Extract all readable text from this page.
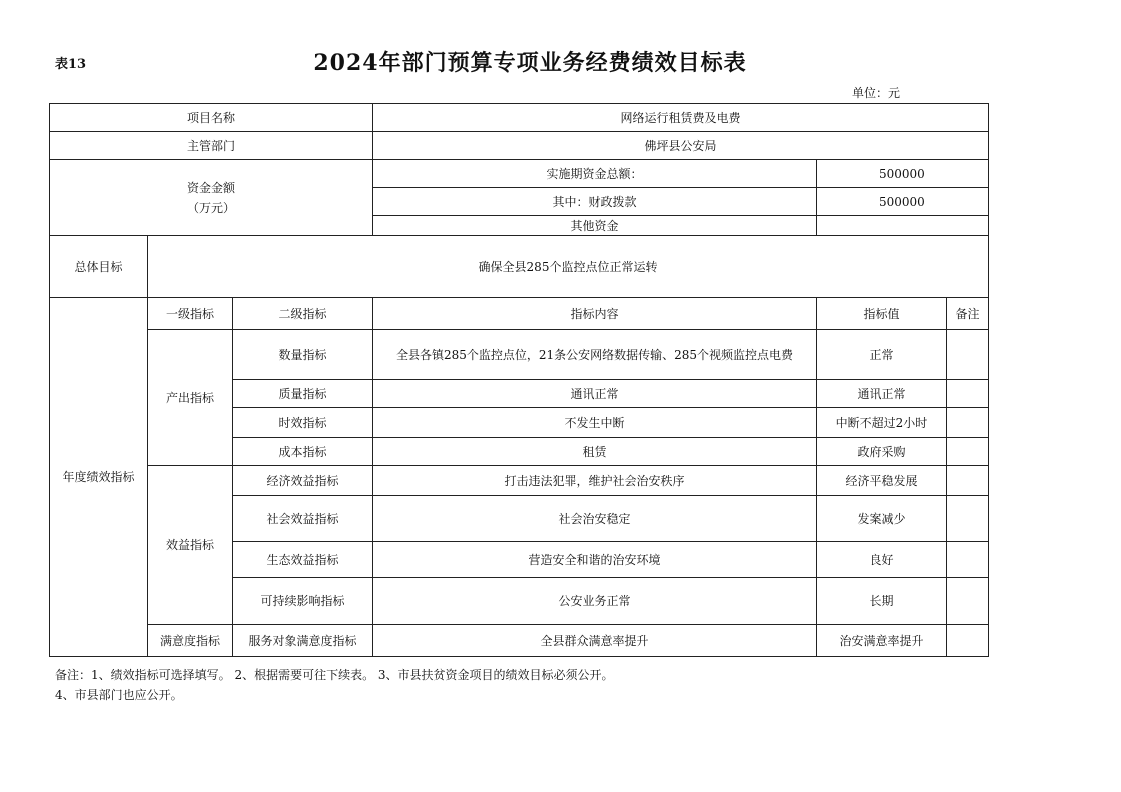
表13	2024年部门预算专项业务经费绩效目标表
单位：元
项目名称			网络运行租赁费及电费		
主管部门			佛坪县公安局		

资金金额
（万元）			实施期资金总额：	500000	
			其中：财政拨款	500000	
			其他资金		
总体目标	确保全县285个监控点位正常运转				
年度绩效指标	一级指标	二级指标	指标内容	指标值	备注
	产出指标	数量指标	全县各镇285个监控点位，21条公安网络数据传输、285个视频监控点电费	正常	
		质量指标	通讯正常	通讯正常	
		时效指标	不发生中断	中断不超过2小时	
		成本指标	租赁	政府采购	
	效益指标	经济效益指标	打击违法犯罪，维护社会治安秩序	经济平稳发展	
		社会效益指标	社会治安稳定	发案减少	
		生态效益指标	营造安全和谐的治安环境	良好	
		可持续影响指标	公安业务正常	长期	
	满意度指标	服务对象满意度指标	全县群众满意率提升	治安满意率提升	
备注：1、绩效指标可选择填写。 2、根据需要可往下续表。 3、市县扶贫资金项目的绩效目标必须公开。
4、市县部门也应公开。
